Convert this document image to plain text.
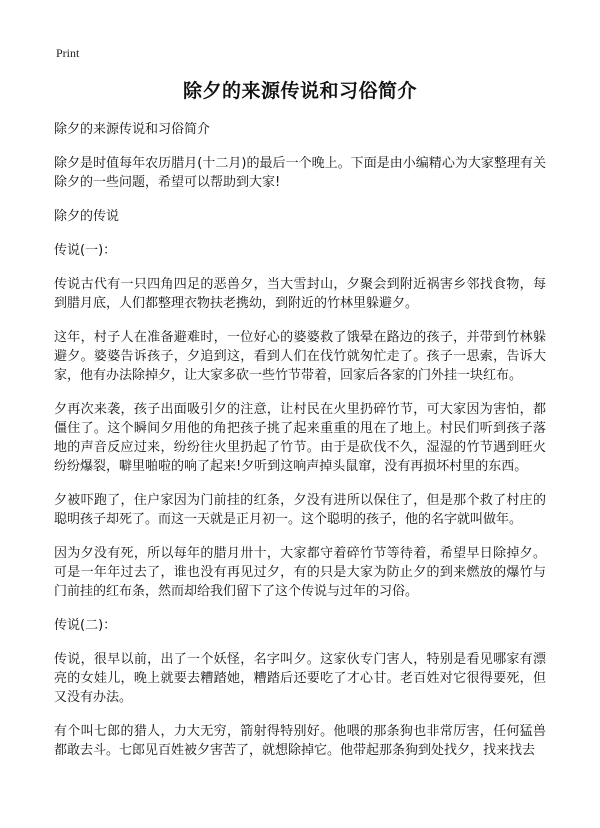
Print
除夕的来源传说和习俗简介

除夕的来源传说和习俗简介

除夕是时值每年农历腊月(十二月)的最后一个晚上。下面是由小编精心为大家整理有关除夕的一些问题，希望可以帮助到大家!

除夕的传说

传说(一)：

传说古代有一只四角四足的恶兽夕，当大雪封山，夕聚会到附近祸害乡邻找食物，每到腊月底，人们都整理衣物扶老携幼，到附近的竹林里躲避夕。

这年，村子人在准备避难时，一位好心的婆婆救了饿晕在路边的孩子，并带到竹林躲避夕。婆婆告诉孩子，夕追到这，看到人们在伐竹就匆忙走了。孩子一思索，告诉大家，他有办法除掉夕，让大家多砍一些竹节带着，回家后各家的门外挂一块红布。

夕再次来袭，孩子出面吸引夕的注意，让村民在火里扔碎竹节，可大家因为害怕，都僵住了。这个瞬间夕用他的角把孩子挑了起来重重的甩在了地上。村民们听到孩子落地的声音反应过来，纷纷往火里扔起了竹节。由于是砍伐不久，湿湿的竹节遇到旺火纷纷爆裂，噼里啪啦的响了起来!夕听到这响声掉头鼠窜，没有再损坏村里的东西。

夕被吓跑了，住户家因为门前挂的红条，夕没有进所以保住了，但是那个救了村庄的聪明孩子却死了。而这一天就是正月初一。这个聪明的孩子，他的名字就叫做年。

因为夕没有死，所以每年的腊月卅十，大家都守着碎竹节等待着，希望早日除掉夕。可是一年年过去了，谁也没有再见过夕，有的只是大家为防止夕的到来燃放的爆竹与门前挂的红布条，然而却给我们留下了这个传说与过年的习俗。

传说(二)：

传说，很早以前，出了一个妖怪，名字叫夕。这家伙专门害人，特别是看见哪家有漂亮的女娃儿，晚上就要去糟踏她，糟踏后还要吃了才心甘。老百姓对它很得要死，但又没有办法。

有个叫七郎的猎人，力大无穷，箭射得特别好。他喂的那条狗也非常厉害，任何猛兽都敢去斗。七郎见百姓被夕害苦了，就想除掉它。他带起那条狗到处找夕，找来找去
